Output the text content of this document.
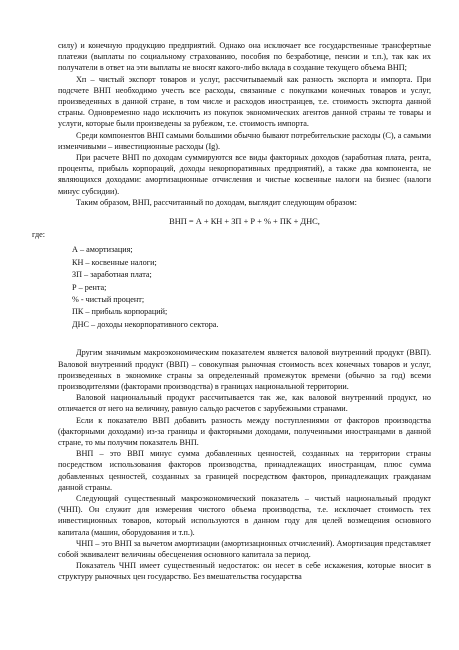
силу) и конечную продукцию предприятий. Однако она исключает все государственные трансфертные платежи (выплаты по социальному страхованию, пособия по безработице, пенсии и т.п.), так как их получатели в ответ на эти выплаты не вносят какого-либо вклада в создание текущего объема ВНП;

Хп – чистый экспорт товаров и услуг, рассчитываемый как разность экспорта и импорта. При подсчете ВНП необходимо учесть все расходы, связанные с покупками конечных товаров и услуг, произведенных в данной стране, в том числе и расходов иностранцев, т.е. стоимость экспорта данной страны. Одновременно надо исключить из покупок экономических агентов данной страны те товары и услуги, которые были произведены за рубежом, т.е. стоимость импорта.

Среди компонентов ВНП самыми большими обычно бывают потребительские расходы (С), а самыми изменчивыми – инвестиционные расходы (Ig).

При расчете ВНП по доходам суммируются все виды факторных доходов (заработная плата, рента, проценты, прибыль корпораций, доходы некорпоративных предприятий), а также два компонента, не являющихся доходами: амортизационные отчисления и чистые косвенные налоги на бизнес (налоги минус субсидии).

Таким образом, ВНП, рассчитанный по доходам, выглядит следующим образом:

ВНП = А + КН + ЗП + Р + % + ПК + ДНС,

где:

А – амортизация;
КН – косвенные налоги;
ЗП – заработная плата;
Р – рента;
% - чистый процент;
ПК – прибыль корпораций;
ДНС – доходы некорпоративного сектора.

Другим значимым макроэкономическим показателем является валовой внутренний продукт (ВВП). Валовой внутренний продукт (ВВП) – совокупная рыночная стоимость всех конечных товаров и услуг, произведенных в экономике страны за определенный промежуток времени (обычно за год) всеми производителями (факторами производства) в границах национальной территории.

Валовой национальный продукт рассчитывается так же, как валовой внутренний продукт, но отличается от него на величину, равную сальдо расчетов с зарубежными странами.

Если к показателю ВВП добавить разность между поступлениями от факторов производства (факторными доходами) из-за границы и факторными доходами, полученными иностранцами в данной стране, то мы получим показатель ВНП.

ВНП – это ВВП минус сумма добавленных ценностей, созданных на территории страны посредством использования факторов производства, принадлежащих иностранцам, плюс сумма добавленных ценностей, созданных за границей посредством факторов, принадлежащих гражданам данной страны.

Следующий существенный макроэкономический показатель – чистый национальный продукт (ЧНП). Он служит для измерения чистого объема производства, т.е. исключает стоимость тех инвестиционных товаров, который используются в данном году для целей возмещения основного капитала (машин, оборудования и т.п.).

ЧНП – это ВНП за вычетом амортизации (амортизационных отчислений). Амортизация представляет собой эквивалент величины обесценения основного капитала за период.

Показатель ЧНП имеет существенный недостаток: он несет в себе искажения, которые вносит в структуру рыночных цен государство. Без вмешательства государства
